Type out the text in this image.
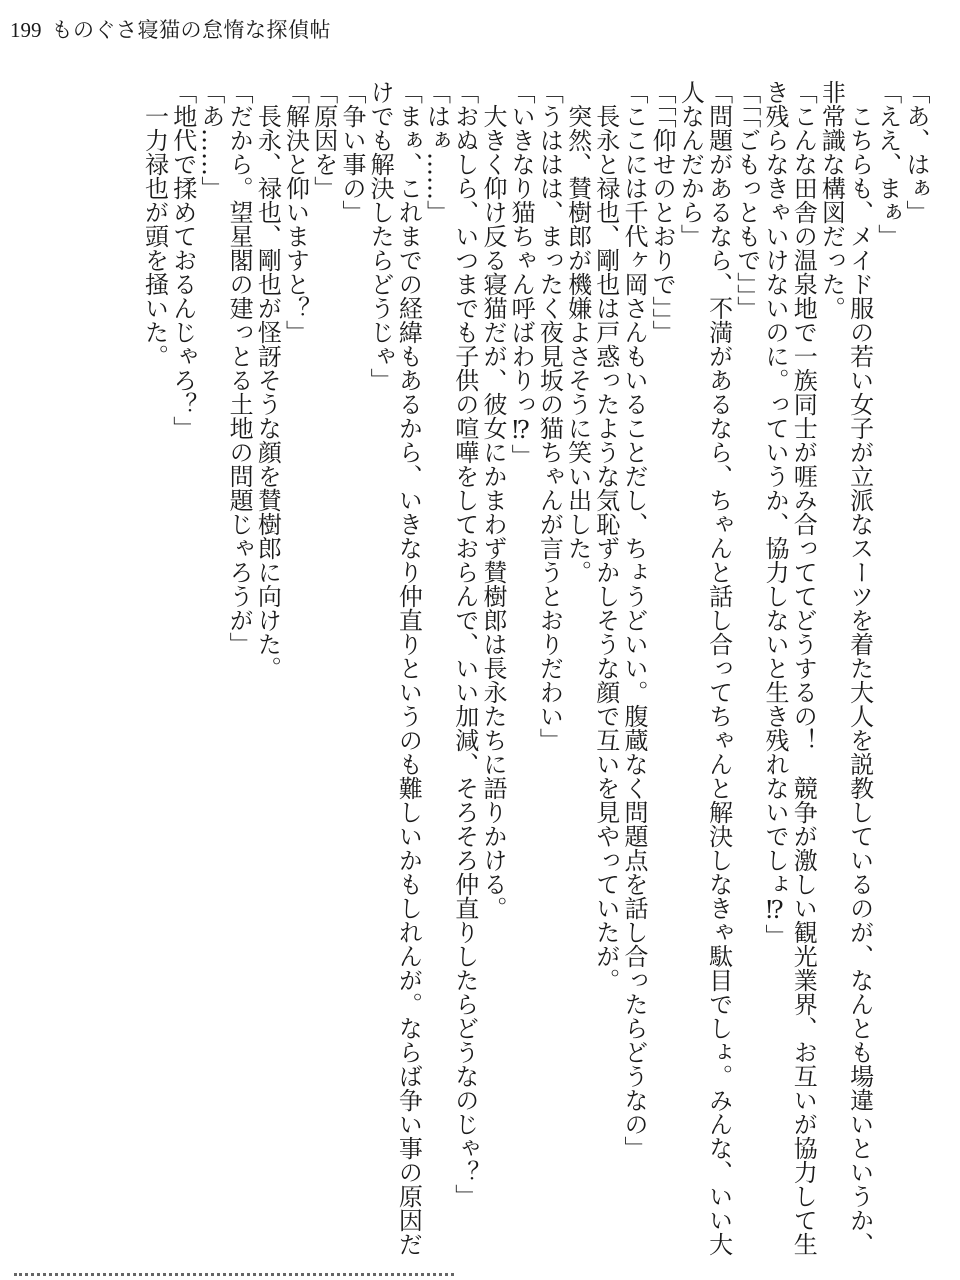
199 ものぐさ寝猫の怠惰な探偵帖

「あ、はぁ」

「ええ、まぁ」

　こちらも、メイド服の若い女子が立派なスーツを着た大人を説教しているのが、なんとも場違いというか、非常識な構図だった。

「こんな田舎の温泉地で一族同士が啀み合っててどうするの！　競争が激しい観光業界、お互いが協力して生き残らなきゃいけないのに。っていうか、協力しないと生き残れないでしょ⁉」

「「「ごもっともで」」」

「問題があるなら、不満があるなら、ちゃんと話し合ってちゃんと解決しなきゃ駄目でしょ。みんな、いい大人なんだから」

「「「仰せのとおりで」」」

「ここには千代ヶ岡さんもいることだし、ちょうどいい。腹蔵なく問題点を話し合ったらどうなの」

　長永と禄也、剛也は戸惑ったような気恥ずかしそうな顔で互いを見やっていたが。

　突然、賛樹郎が機嫌よさそうに笑い出した。

「うははは、まったく夜見坂の猫ちゃんが言うとおりだわい」

「いきなり猫ちゃん呼ばわりっ⁉」

　大きく仰け反る寝猫だが、彼女にかまわず賛樹郎は長永たちに語りかける。

「おぬしら、いつまでも子供の喧嘩をしておらんで、いい加減、そろそろ仲直りしたらどうなのじゃ？」

「はぁ……」

「まぁ、これまでの経緯もあるから、いきなり仲直りというのも難しいかもしれんが。ならば争い事の原因だけでも解決したらどうじゃ」

「争い事の」

「原因を」

「解決と仰いますと？」

　長永、禄也、剛也が怪訝そうな顔を賛樹郎に向けた。

「だから。望星閣の建っとる土地の問題じゃろうが」

「あ……」

「地代で揉めておるんじゃろ？」

　一力禄也が頭を掻いた。
